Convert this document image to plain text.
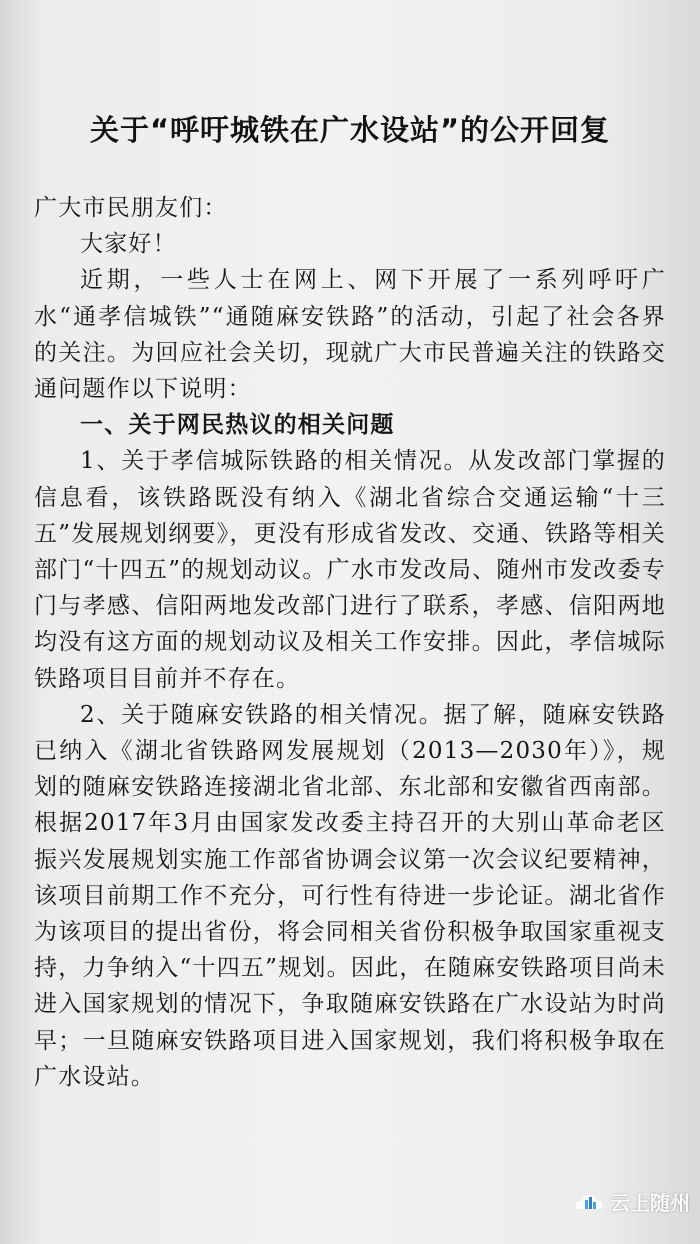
关于“呼吁城铁在广水设站”的公开回复

广大市民朋友们：

大家好！

近期，一些人士在网上、网下开展了一系列呼吁广水“通孝信城铁”“通随麻安铁路”的活动，引起了社会各界的关注。为回应社会关切，现就广大市民普遍关注的铁路交通问题作以下说明：

一、关于网民热议的相关问题

1、关于孝信城际铁路的相关情况。从发改部门掌握的信息看，该铁路既没有纳入《湖北省综合交通运输“十三五”发展规划纲要》，更没有形成省发改、交通、铁路等相关部门“十四五”的规划动议。广水市发改局、随州市发改委专门与孝感、信阳两地发改部门进行了联系，孝感、信阳两地均没有这方面的规划动议及相关工作安排。因此，孝信城际铁路项目目前并不存在。

2、关于随麻安铁路的相关情况。据了解，随麻安铁路已纳入《湖北省铁路网发展规划（2013—2030年）》，规划的随麻安铁路连接湖北省北部、东北部和安徽省西南部。根据2017年3月由国家发改委主持召开的大别山革命老区振兴发展规划实施工作部省协调会议第一次会议纪要精神，该项目前期工作不充分，可行性有待进一步论证。湖北省作为该项目的提出省份，将会同相关省份积极争取国家重视支持，力争纳入“十四五”规划。因此，在随麻安铁路项目尚未进入国家规划的情况下，争取随麻安铁路在广水设站为时尚早；一旦随麻安铁路项目进入国家规划，我们将积极争取在广水设站。

云上随州
